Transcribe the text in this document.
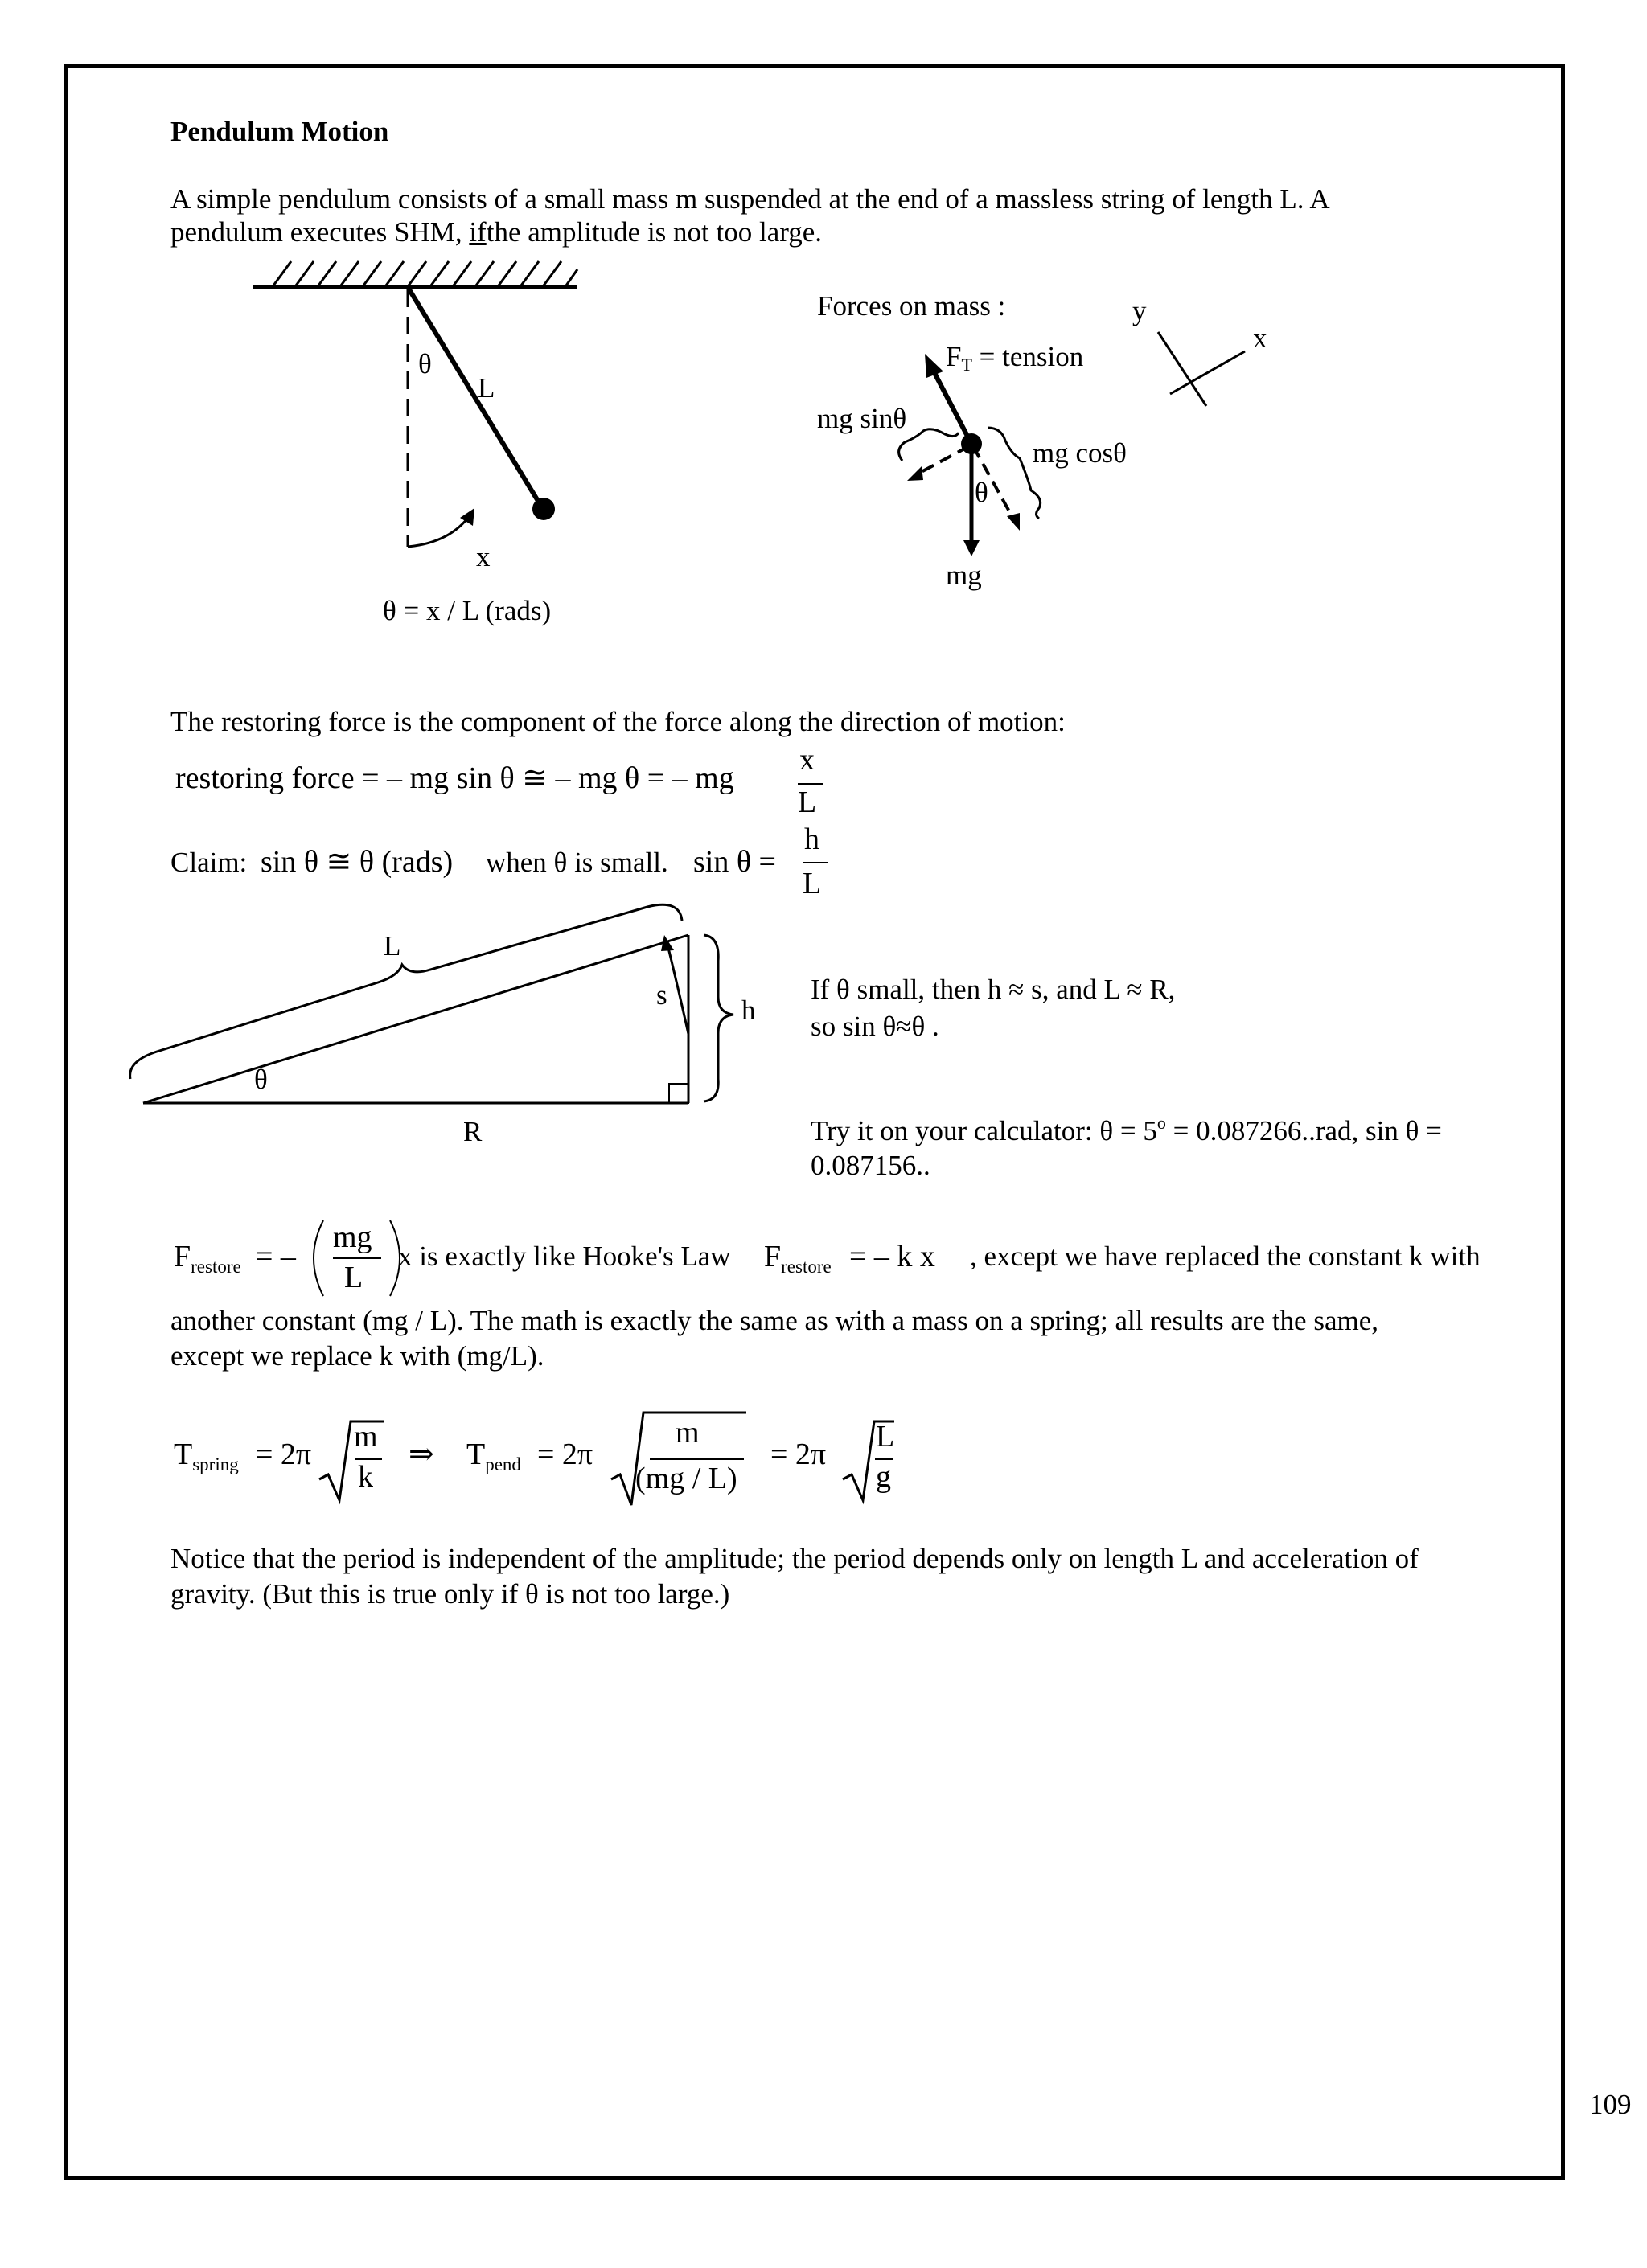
Pendulum Motion
A simple pendulum consists of a small mass m suspended at the end of a massless string of length L. A
pendulum executes SHM, ifthe amplitude is not too large.
θ
L
x
θ = x / L (rads)
Forces on mass :
$F_T$ = tension
mg sinθ
mg cosθ
θ
mg
y
x
The restoring force is the component of the force along the direction of motion:
restoring force = – mg sin θ ≅ – mg θ = – mg
x
L
Claim: sin θ ≅ θ (rads) when θ is small. sin θ =
h
L
L
s	h
θ
R
If θ small, then h ≈ s, and L ≈ R,
so sin θ≈θ .
Try it on your calculator: $\theta = 5^o = 0.087266..rad$, sin θ =
0.087156..
$F_{restore}$ = –
mg
L
x is exactly like Hooke's Law $F_{restore}$ = – k x , except we have replaced the constant k with
another constant (mg / L). The math is exactly the same as with a mass on a spring; all results are the same,
except we replace k with (mg/L).
$T_{spring} = 2\pi$
m
k
⇒ $T_{pend} = 2\pi$
m
(mg / L)
= 2π
L
g
Notice that the period is independent of the amplitude; the period depends only on length L and acceleration of
gravity. (But this is true only if θ is not too large.)
109
